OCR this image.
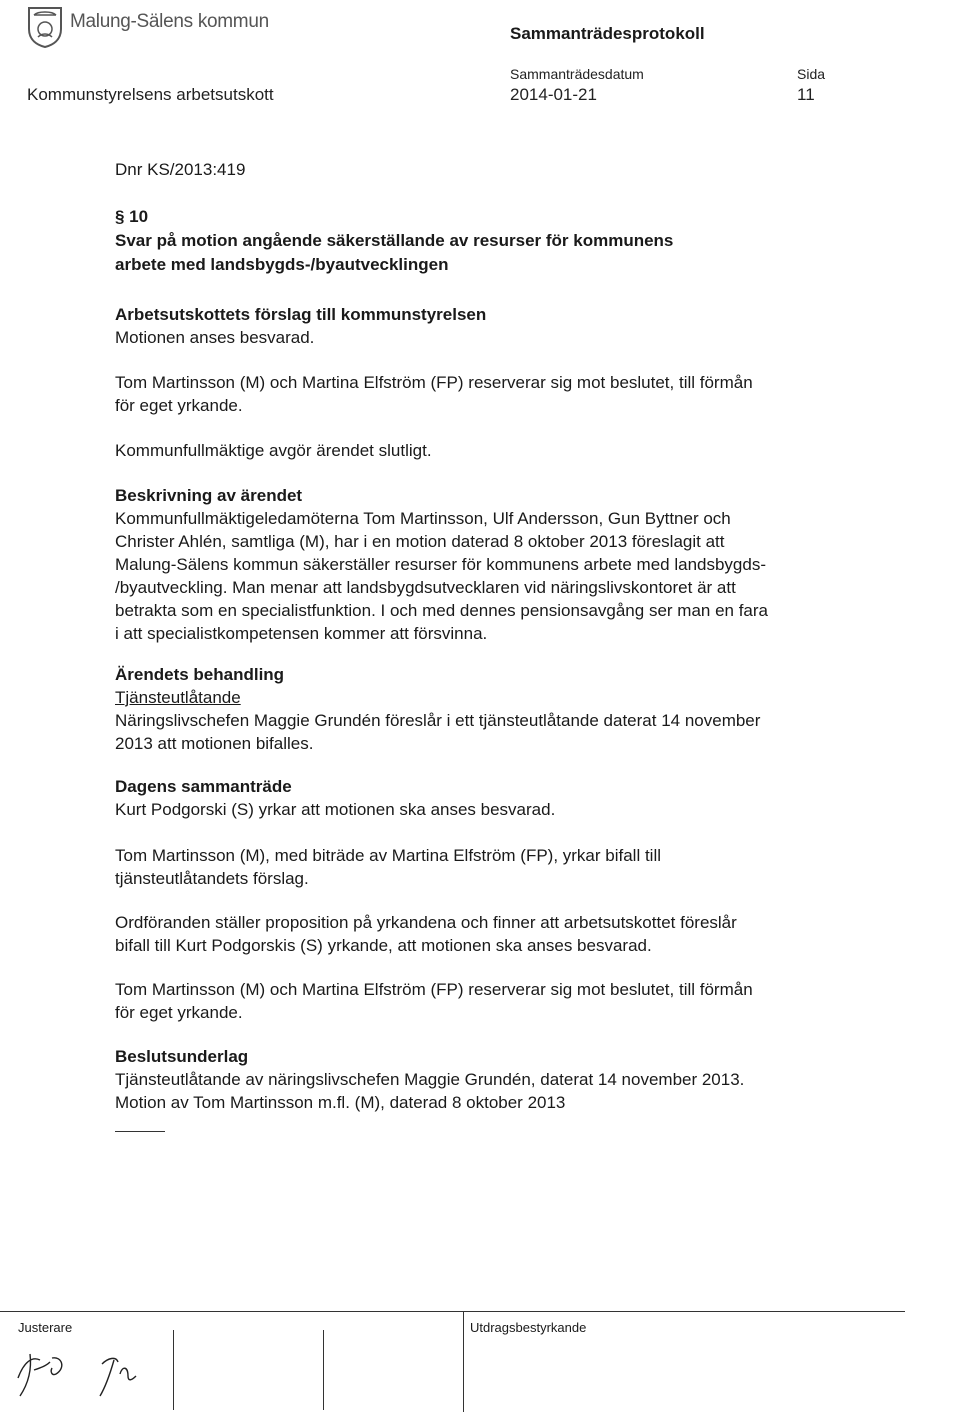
Malung-Sälens kommun
Sammanträdesprotokoll
Kommunstyrelsens arbetsutskott
Sammanträdesdatum
2014-01-21
Sida
11
Dnr KS/2013:419
§ 10
Svar på motion angående säkerställande av resurser för kommunens
arbete med landsbygds-/byautvecklingen
Arbetsutskottets förslag till kommunstyrelsen
Motionen anses besvarad.
Tom Martinsson (M) och Martina Elfström (FP) reserverar sig mot beslutet, till förmån
för eget yrkande.
Kommunfullmäktige avgör ärendet slutligt.
Beskrivning av ärendet
Kommunfullmäktigeledamöterna Tom Martinsson, Ulf Andersson, Gun Byttner och
Christer Ahlén, samtliga (M), har i en motion daterad 8 oktober 2013 föreslagit att
Malung-Sälens kommun säkerställer resurser för kommunens arbete med landsbygds-
/byautveckling. Man menar att landsbygdsutvecklaren vid näringslivskontoret är att
betrakta som en specialistfunktion. I och med dennes pensionsavgång ser man en fara
i att specialistkompetensen kommer att försvinna.
Ärendets behandling
Tjänsteutlåtande
Näringslivschefen Maggie Grundén föreslår i ett tjänsteutlåtande daterat 14 november
2013 att motionen bifalles.
Dagens sammanträde
Kurt Podgorski (S) yrkar att motionen ska anses besvarad.
Tom Martinsson (M), med biträde av Martina Elfström (FP), yrkar bifall till
tjänsteutlåtandets förslag.
Ordföranden ställer proposition på yrkandena och finner att arbetsutskottet föreslår
bifall till Kurt Podgorskis (S) yrkande, att motionen ska anses besvarad.
Tom Martinsson (M) och Martina Elfström (FP) reserverar sig mot beslutet, till förmån
för eget yrkande.
Beslutsunderlag
Tjänsteutlåtande av näringslivschefen Maggie Grundén, daterat 14 november 2013.
Motion av Tom Martinsson m.fl. (M), daterad 8 oktober 2013
Justerare	Utdragsbestyrkande
